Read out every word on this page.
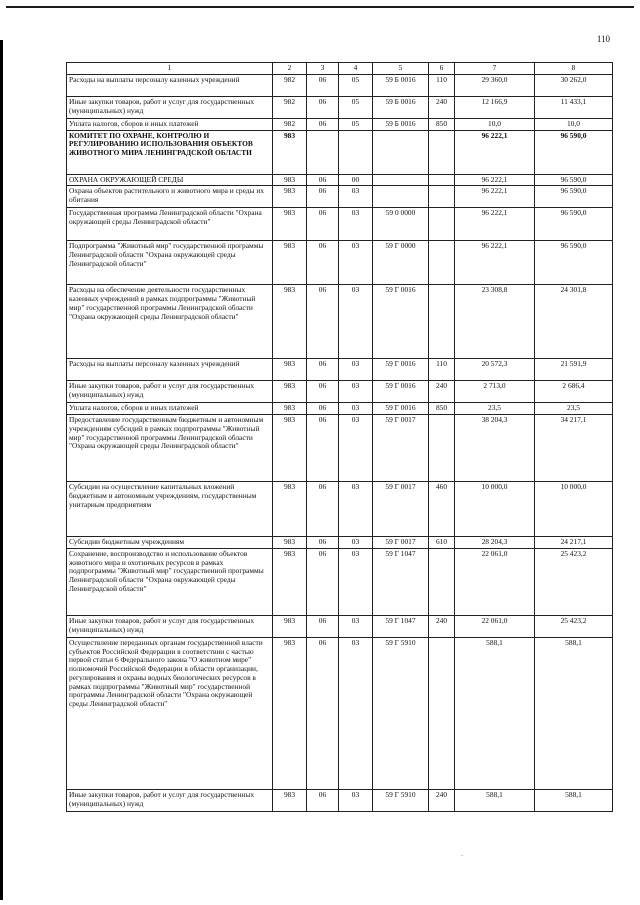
110
1	2	3	4	5	6	7	8
Расходы на выплаты персоналу казенных учреждений	982	06	05	59 Б 0016	110	29 360,0	30 262,0
Иные закупки товаров, работ и услуг для государственных (муниципальных) нужд	982	06	05	59 Б 0016	240	12 166,9	11 433,1
Уплата налогов, сборов и иных платежей	982	06	05	59 Б 0016	850	10,0	10,0
КОМИТЕТ ПО ОХРАНЕ, КОНТРОЛЮ И РЕГУЛИРОВАНИЮ ИСПОЛЬЗОВАНИЯ ОБЪЕКТОВ ЖИВОТНОГО МИРА ЛЕНИНГРАДСКОЙ ОБЛАСТИ	983					96 222,1	96 590,0
ОХРАНА ОКРУЖАЮЩЕЙ СРЕДЫ	983	06	00			96 222,1	96 590,0
Охрана объектов растительного и животного мира и среды их обитания	983	06	03			96 222,1	96 590,0
Государственная программа Ленинградской области "Охрана окружающей среды Ленинградской области"	983	06	03	59 0 0000		96 222,1	96 590,0
Подпрограмма "Животный мир" государственной программы Ленинградской области "Охрана окружающей среды Ленинградской области"	983	06	03	59 Г 0000		96 222,1	96 590,0
Расходы на обеспечение деятельности государственных казенных учреждений в рамках подпрограммы "Животный мир" государственной программы Ленинградской области "Охрана окружающей среды Ленинградской области"	983	06	03	59 Г 0016		23 308,8	24 301,8
Расходы на выплаты персоналу казенных учреждений	983	06	03	59 Г 0016	110	20 572,3	21 591,9
Иные закупки товаров, работ и услуг для государственных (муниципальных) нужд	983	06	03	59 Г 0016	240	2 713,0	2 686,4
Уплата налогов, сборов и иных платежей	983	06	03	59 Г 0016	850	23,5	23,5
Предоставление государственным бюджетным и автономным учреждениям субсидий в рамках подпрограммы "Животный мир" государственной программы Ленинградской области "Охрана окружающей среды Ленинградской области"	983	06	03	59 Г 0017		38 204,3	34 217,1
Субсидии на осуществление капитальных вложений бюджетным и автономным учреждениям, государственным унитарным предприятиям	983	06	03	59 Г 0017	460	10 000,0	10 000,0
Субсидии бюджетным учреждениям	983	06	03	59 Г 0017	610	28 204,3	24 217,1
Сохранение, воспроизводство и использование объектов животного мира и охотничьих ресурсов в рамках подпрограммы "Животный мир" государственной программы Ленинградской области "Охрана окружающей среды Ленинградской области"	983	06	03	59 Г 1047		22 061,0	25 423,2
Иные закупки товаров, работ и услуг для государственных (муниципальных) нужд	983	06	03	59 Г 1047	240	22 061,0	25 423,2
Осуществление переданных органам государственной власти субъектов Российской Федерации в соответствии с частью первой статьи 6 Федерального закона "О животном мире" полномочий Российской Федерации в области организации, регулирования и охраны водных биологических ресурсов в рамках подпрограммы "Животный мир" государственной программы Ленинградской области "Охрана окружающей среды Ленинградской области"	983	06	03	59 Г 5910		588,1	588,1
Иные закупки товаров, работ и услуг для государственных (муниципальных) нужд	983	06	03	59 Г 5910	240	588,1	588,1
·
